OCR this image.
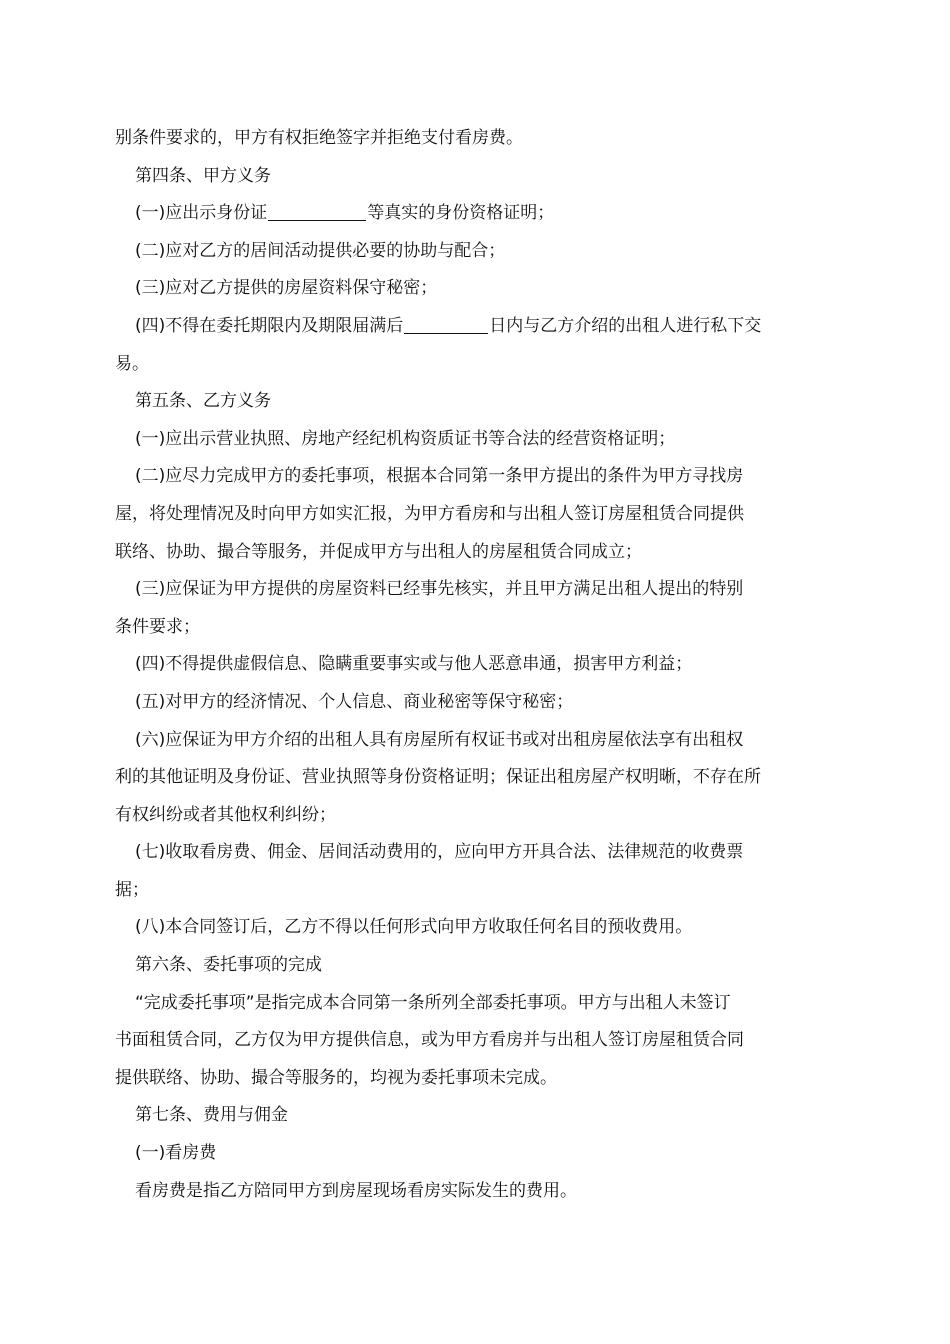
别条件要求的，甲方有权拒绝签字并拒绝支付看房费。
第四条、甲方义务
(一)应出示身份证	等真实的身份资格证明；
(二)应对乙方的居间活动提供必要的协助与配合；
(三)应对乙方提供的房屋资料保守秘密；
(四)不得在委托期限内及期限届满后	日内与乙方介绍的出租人进行私下交
易。
第五条、乙方义务
(一)应出示营业执照、房地产经纪机构资质证书等合法的经营资格证明；
(二)应尽力完成甲方的委托事项，根据本合同第一条甲方提出的条件为甲方寻找房
屋，将处理情况及时向甲方如实汇报，为甲方看房和与出租人签订房屋租赁合同提供
联络、协助、撮合等服务，并促成甲方与出租人的房屋租赁合同成立；
(三)应保证为甲方提供的房屋资料已经事先核实，并且甲方满足出租人提出的特别
条件要求；
(四)不得提供虚假信息、隐瞒重要事实或与他人恶意串通，损害甲方利益；
(五)对甲方的经济情况、个人信息、商业秘密等保守秘密；
(六)应保证为甲方介绍的出租人具有房屋所有权证书或对出租房屋依法享有出租权
利的其他证明及身份证、营业执照等身份资格证明；保证出租房屋产权明晰，不存在所
有权纠纷或者其他权利纠纷；
(七)收取看房费、佣金、居间活动费用的，应向甲方开具合法、法律规范的收费票
据；
(八)本合同签订后，乙方不得以任何形式向甲方收取任何名目的预收费用。
第六条、委托事项的完成
“完成委托事项”是指完成本合同第一条所列全部委托事项。甲方与出租人未签订
书面租赁合同，乙方仅为甲方提供信息，或为甲方看房并与出租人签订房屋租赁合同
提供联络、协助、撮合等服务的，均视为委托事项未完成。
第七条、费用与佣金
(一)看房费
看房费是指乙方陪同甲方到房屋现场看房实际发生的费用。
